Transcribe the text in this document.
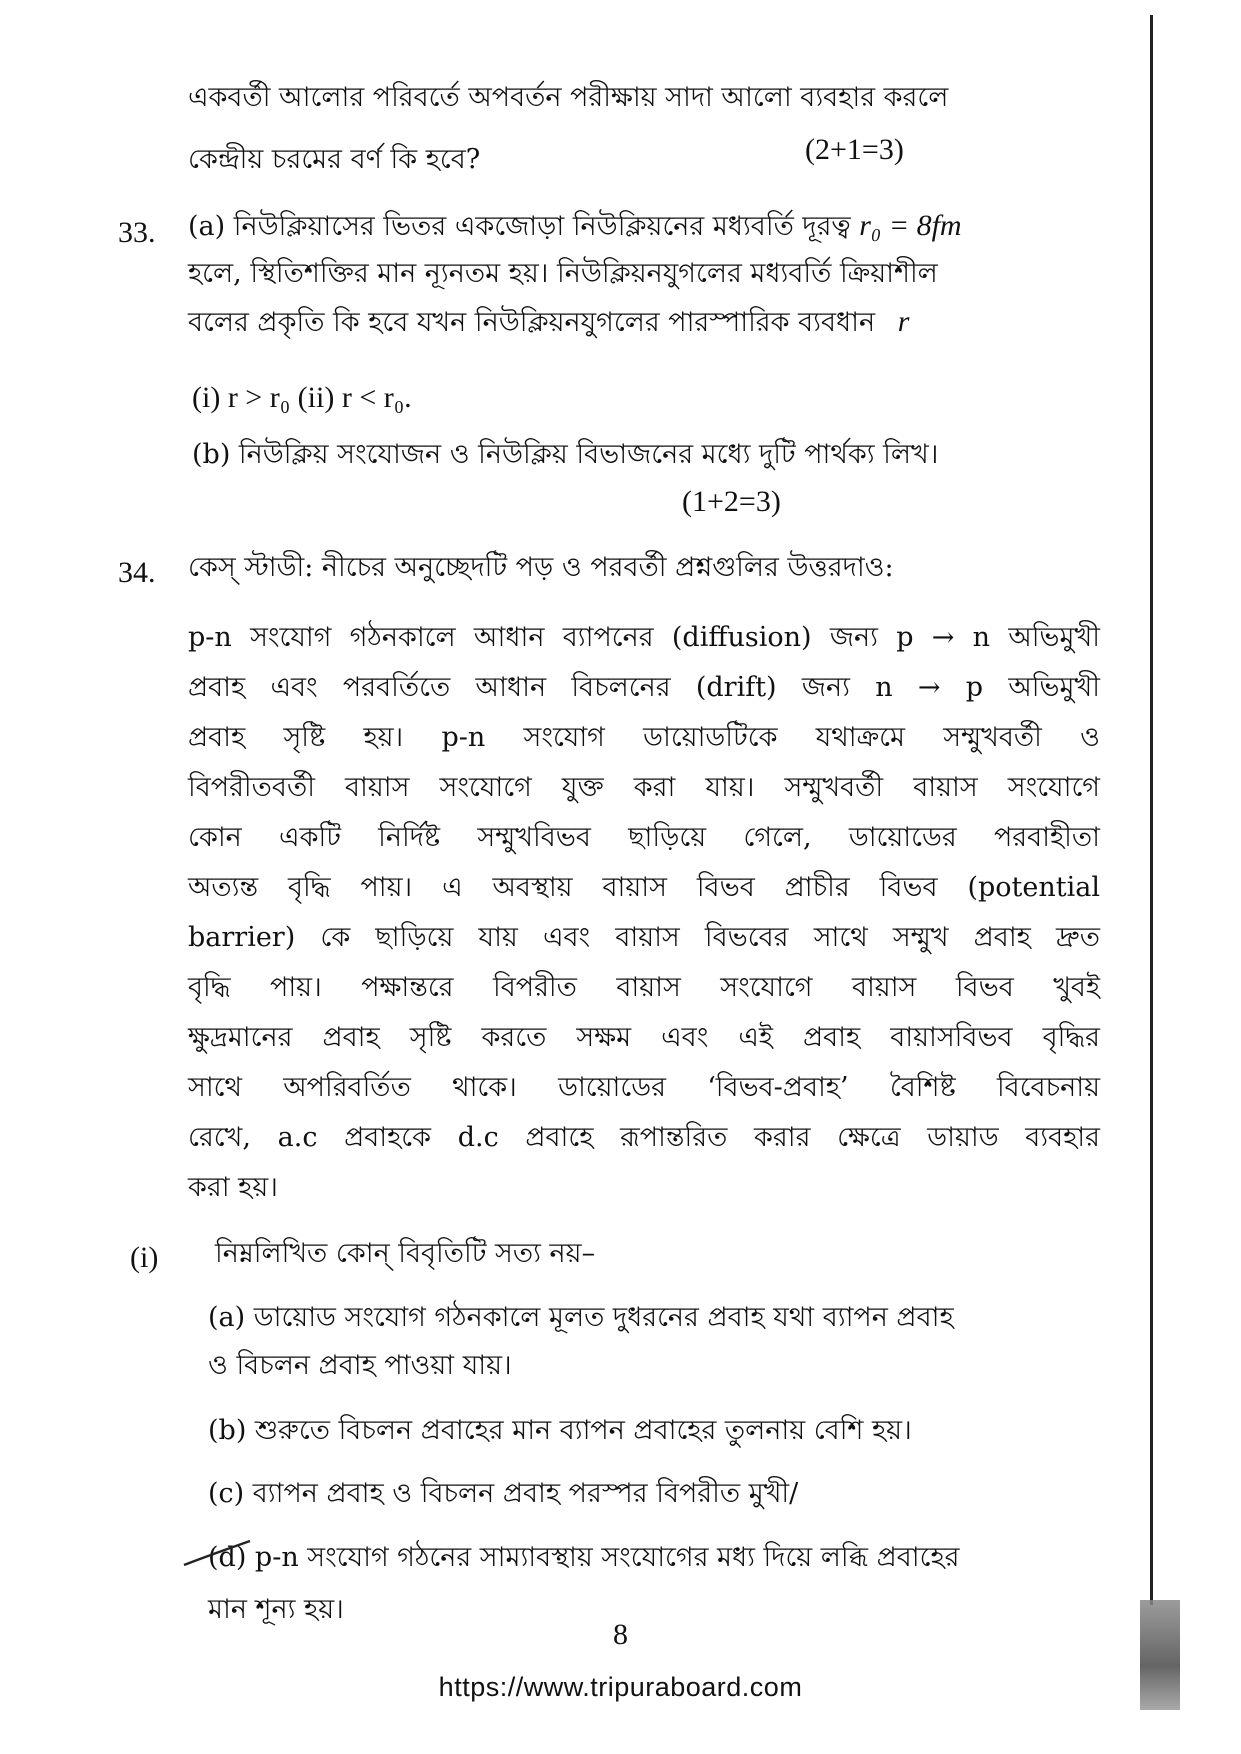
একবর্তী আলোর পরিবর্তে অপবর্তন পরীক্ষায় সাদা আলো ব্যবহার করলে
কেন্দ্রীয় চরমের বর্ণ কি হবে?	(2+1=3)
33. (a) নিউক্লিয়াসের ভিতর একজোড়া নিউক্লিয়নের মধ্যবর্তি দূরত্ব r₀ = 8fm
হলে, স্থিতিশক্তির মান ন্যূনতম হয়। নিউক্লিয়নযুগলের মধ্যবর্তি ক্রিয়াশীল
বলের প্রকৃতি কি হবে যখন নিউক্লিয়নযুগলের পারস্পারিক ব্যবধান r
(i) r > r₀ (ii) r < r₀.
(b) নিউক্লিয় সংযোজন ও নিউক্লিয় বিভাজনের মধ্যে দুটি পার্থক্য লিখ।
(1+2=3)
34. কেস্ স্টাডী: নীচের অনুচ্ছেদটি পড় ও পরবর্তী প্রশ্নগুলির উত্তরদাও:
p-n সংযোগ গঠনকালে আধান ব্যাপনের (diffusion) জন্য p → n অভিমুখী
প্রবাহ এবং পরবর্তিতে আধান বিচলনের (drift) জন্য n → p অভিমুখী
প্রবাহ সৃষ্টি হয়। p-n সংযোগ ডায়োডটিকে যথাক্রমে সম্মুখবর্তী ও
বিপরীতবর্তী বায়াস সংযোগে যুক্ত করা যায়। সম্মুখবর্তী বায়াস সংযোগে
কোন একটি নির্দিষ্ট সম্মুখবিভব ছাড়িয়ে গেলে, ডায়োডের পরবাহীতা
অত্যন্ত বৃদ্ধি পায়। এ অবস্থায় বায়াস বিভব প্রাচীর বিভব (potential
barrier) কে ছাড়িয়ে যায় এবং বায়াস বিভবের সাথে সম্মুখ প্রবাহ দ্রুত
বৃদ্ধি পায়। পক্ষান্তরে বিপরীত বায়াস সংযোগে বায়াস বিভব খুবই
ক্ষুদ্রমানের প্রবাহ সৃষ্টি করতে সক্ষম এবং এই প্রবাহ বায়াসবিভব বৃদ্ধির
সাথে অপরিবর্তিত থাকে। ডায়োডের ‘বিভব-প্রবাহ’ বৈশিষ্ট বিবেচনায়
রেখে, a.c প্রবাহকে d.c প্রবাহে রূপান্তরিত করার ক্ষেত্রে ডায়াড ব্যবহার
করা হয়।
(i) নিম্নলিখিত কোন্ বিবৃতিটি সত্য নয়–
(a) ডায়োড সংযোগ গঠনকালে মূলত দুধরনের প্রবাহ যথা ব্যাপন প্রবাহ
ও বিচলন প্রবাহ পাওয়া যায়।
(b) শুরুতে বিচলন প্রবাহের মান ব্যাপন প্রবাহের তুলনায় বেশি হয়।
(c) ব্যাপন প্রবাহ ও বিচলন প্রবাহ পরস্পর বিপরীত মুখী/
(d) p-n সংযোগ গঠনের সাম্যাবস্থায় সংযোগের মধ্য দিয়ে লব্ধি প্রবাহের
মান শূন্য হয়।
8
https://www.tripuraboard.com
